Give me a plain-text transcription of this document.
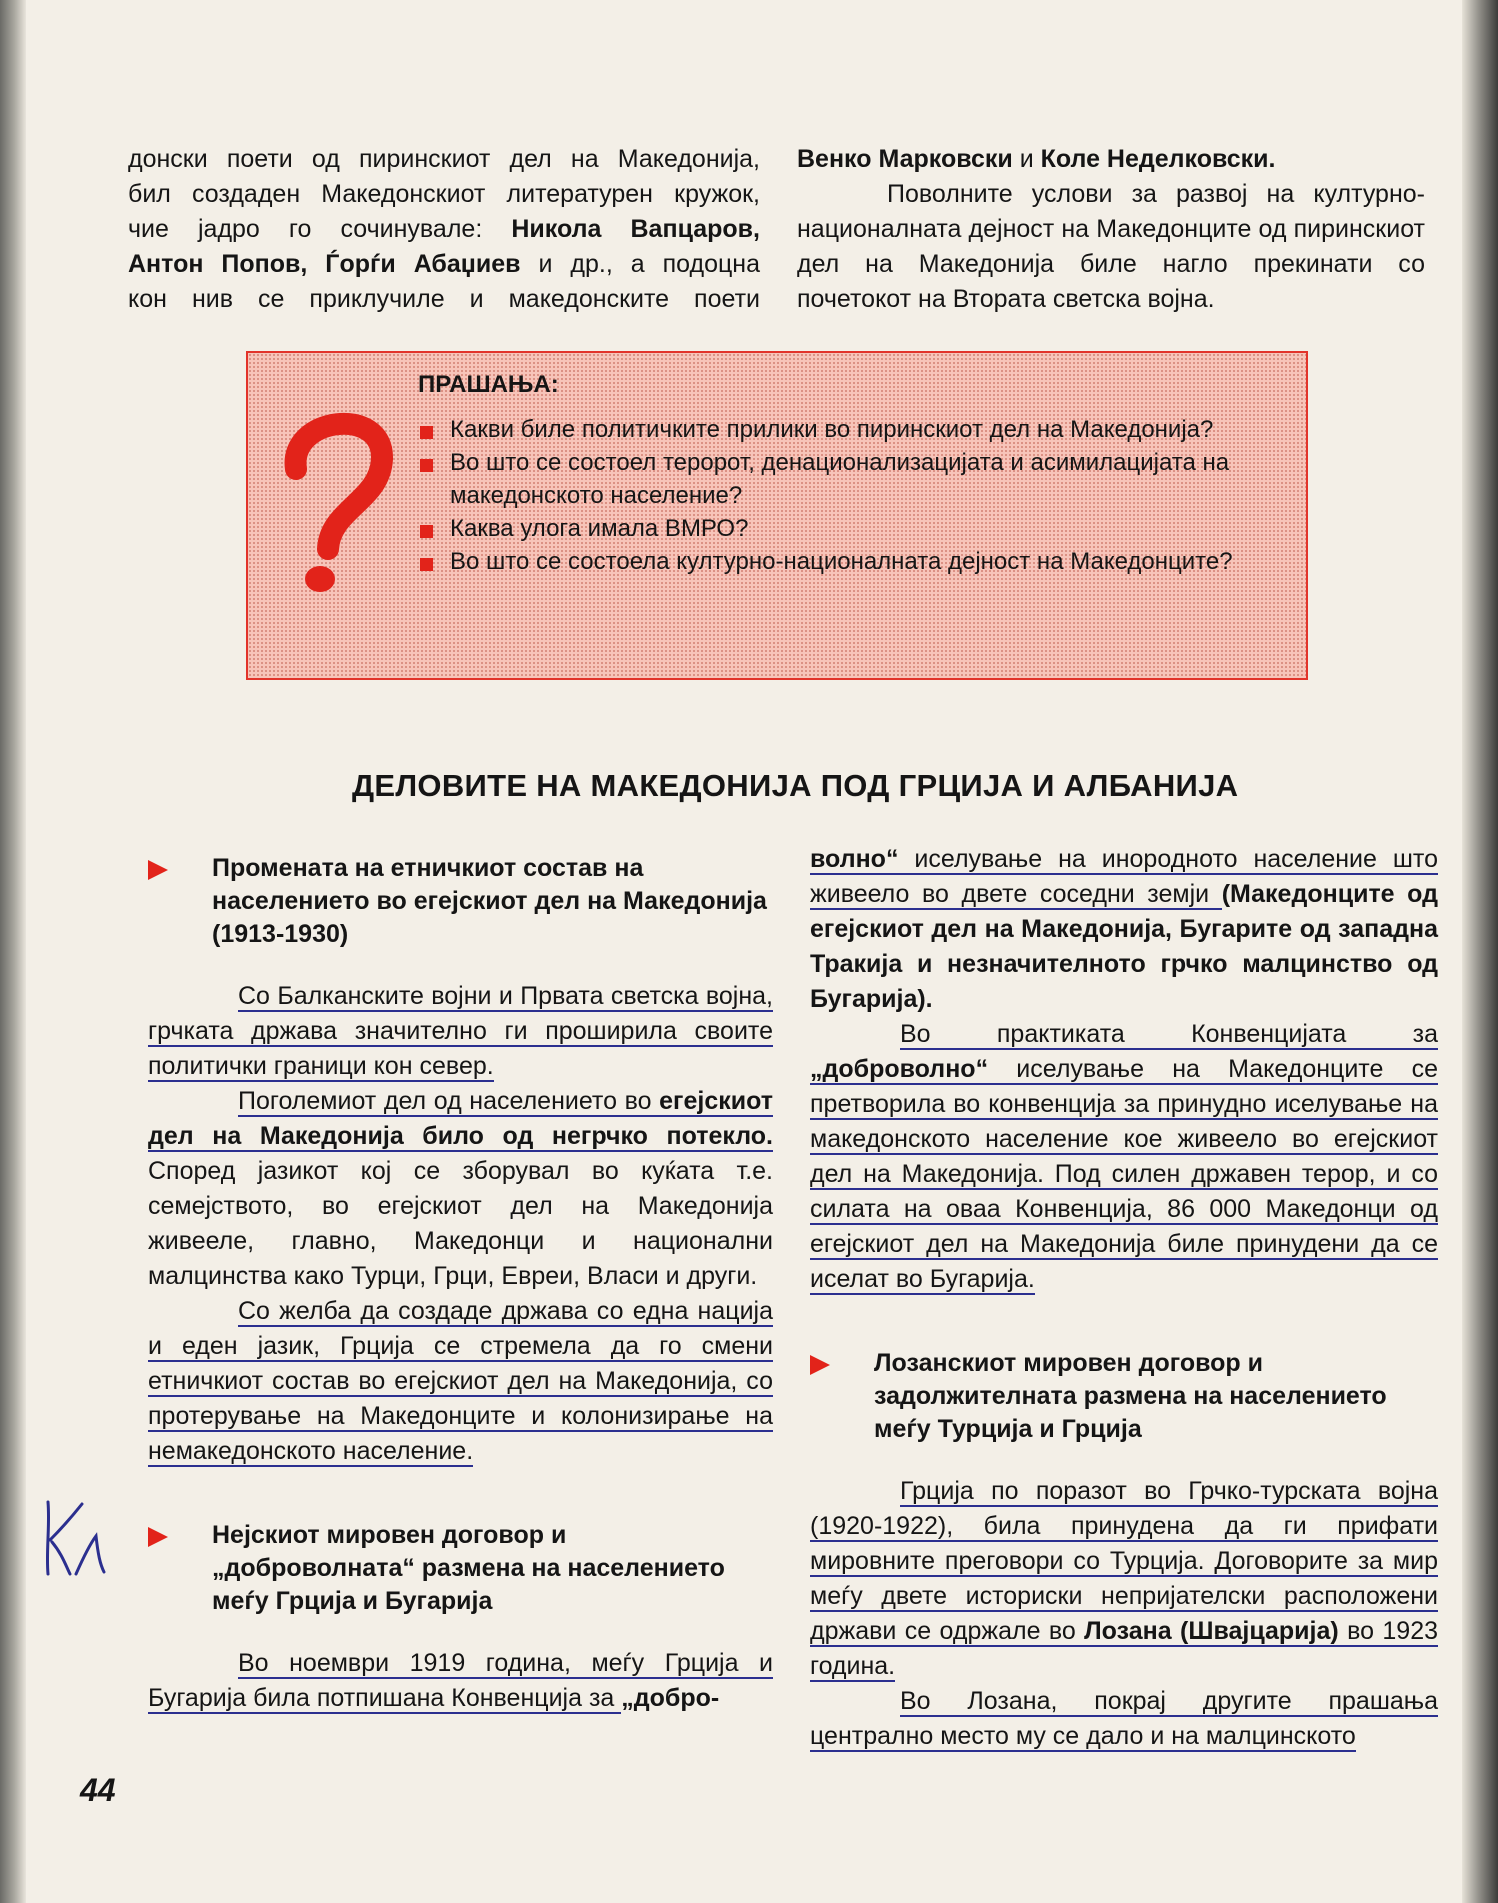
донски поети од пиринскиот дел на Македонија,

бил создаден Македонскиот литературен кружок,

чие јадро го сочинувале: Никола Вапцаров,

Антон Попов, Ѓорѓи Абаџиев и др., а подоцна

кон нив се приклучиле и македонските поети

Венко Марковски и Коле Неделковски.

Поволните услови за развој на културно-националната дејност на Македонците од пиринскиот дел на Македонија биле нагло прекинати со почетокот на Втората светска војна.

ПРАШАЊА:
Какви биле политичките прилики во пиринскиот дел на Македонија?
Во што се состоел теророт, денационализацијата и асимилацијата на македонското население?
Каква улога имала ВМРО?
Во што се состоела културно-националната дејност на Македонците?
ДЕЛОВИТЕ НА МАКЕДОНИЈА ПОД ГРЦИЈА И АЛБАНИЈА
Промената на етничкиот состав на населението во егејскиот дел на Македонија (1913-1930)

Со Балканските војни и Првата светска војна, грчката држава значително ги проширила своите политички граници кон север.

Поголемиот дел од населението во егејскиот дел на Македонија било од негрчко потекло. Според јазикот кој се зборувал во куќата т.е. семејството, во егејскиот дел на Македонија живееле, главно, Македонци и национални малцинства како Турци, Грци, Евреи, Власи и други.

Со желба да создаде држава со една нација и еден јазик, Грција се стремела да го смени етничкиот состав во егејскиот дел на Македонија, со протерување на Македонците и колонизирање на немакедонското население.

Нејскиот мировен договор и „доброволната“ размена на населението меѓу Грција и Бугарија

Во ноември 1919 година, меѓу Грција и Бугарија била потпишана Конвенција за „добро-

волно“ иселување на инородното население што живеело во двете соседни земји (Македонците од егејскиот дел на Македонија, Бугарите од западна Тракија и незначителното грчко малцинство од Бугарија).

Во практиката Конвенцијата за „доброволно“ иселување на Македонците се претворила во конвенција за принудно иселување на македонското население кое живеело во егејскиот дел на Македонија. Под силен државен терор, и со силата на оваа Конвенција, 86 000 Македонци од егејскиот дел на Македонија биле принудени да се иселат во Бугарија.

Лозанскиот мировен договор и задолжителната размена на населението меѓу Турција и Грција

Грција по поразот во Грчко-турската војна (1920-1922), била принудена да ги прифати мировните преговори со Турција. Договорите за мир меѓу двете историски непријателски расположени држави се одржале во Лозана (Швајцарија) во 1923 година.

Во Лозана, покрај другите прашања централно место му се дало и на малцинското

44
